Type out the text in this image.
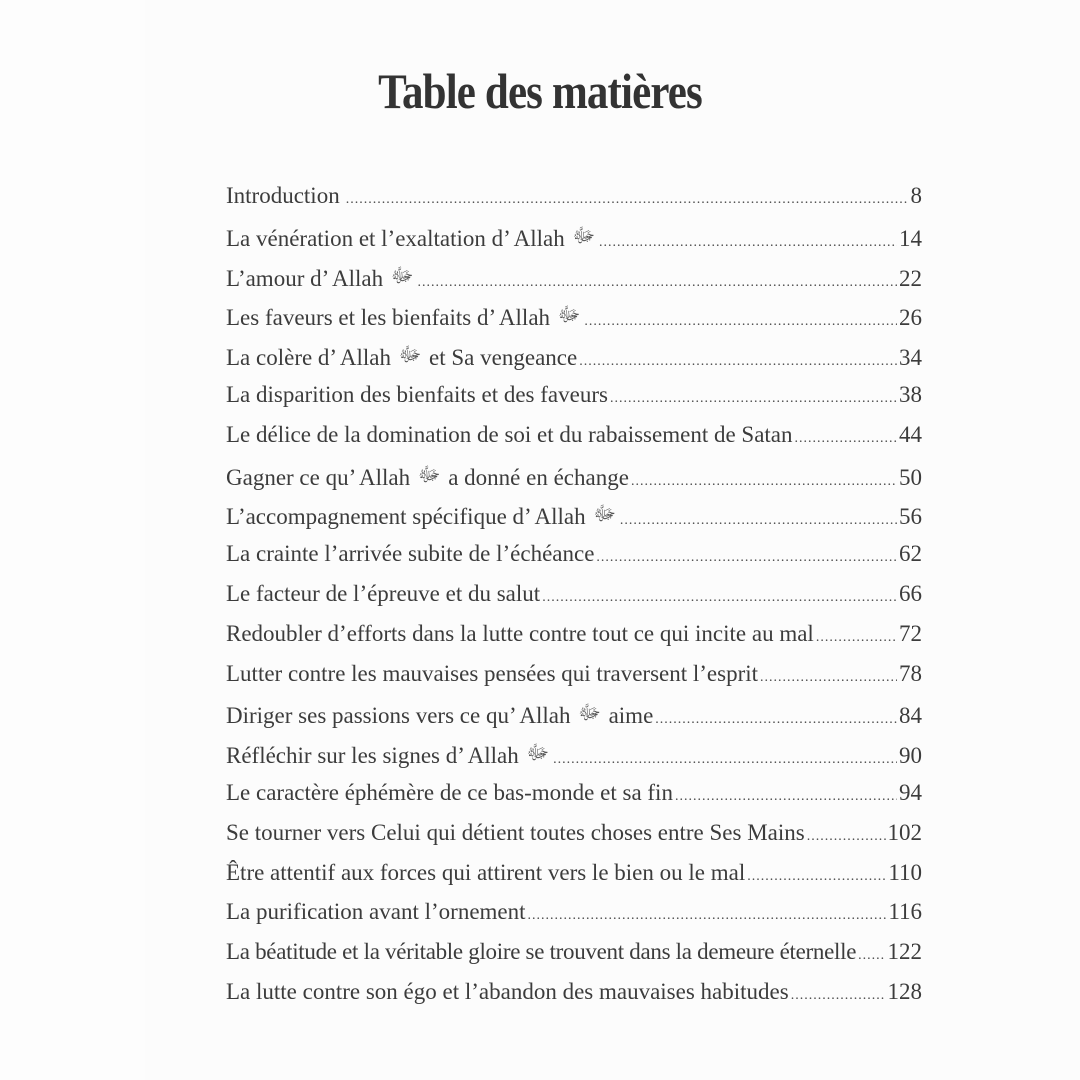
Table des matières
Introduction .....	8
La vénération et l’exaltation d’ Allah ﷻ .....	14
L’amour d’ Allah ﷻ .....	22
Les faveurs et les bienfaits d’ Allah ﷻ .....	26
La colère d’ Allah ﷻ et Sa vengeance .....	34
La disparition des bienfaits et des faveurs .....	38
Le délice de la domination de soi et du rabaissement de Satan .....	44
Gagner ce qu’ Allah ﷻ a donné en échange .....	50
L’accompagnement spécifique d’ Allah ﷻ .....	56
La crainte l’arrivée subite de l’échéance .....	62
Le facteur de l’épreuve et du salut .....	66
Redoubler d’efforts dans la lutte contre tout ce qui incite au mal .....	72
Lutter contre les mauvaises pensées qui traversent l’esprit .....	78
Diriger ses passions vers ce qu’ Allah ﷻ aime .....	84
Réfléchir sur les signes d’ Allah ﷻ .....	90
Le caractère éphémère de ce bas-monde et sa fin .....	94
Se tourner vers Celui qui détient toutes choses entre Ses Mains .....	102
Être attentif aux forces qui attirent vers le bien ou le mal .....	110
La purification avant l’ornement .....	116
La béatitude et la véritable gloire se trouvent dans la demeure éternelle ..... 122
La lutte contre son égo et l’abandon des mauvaises habitudes .....	128
